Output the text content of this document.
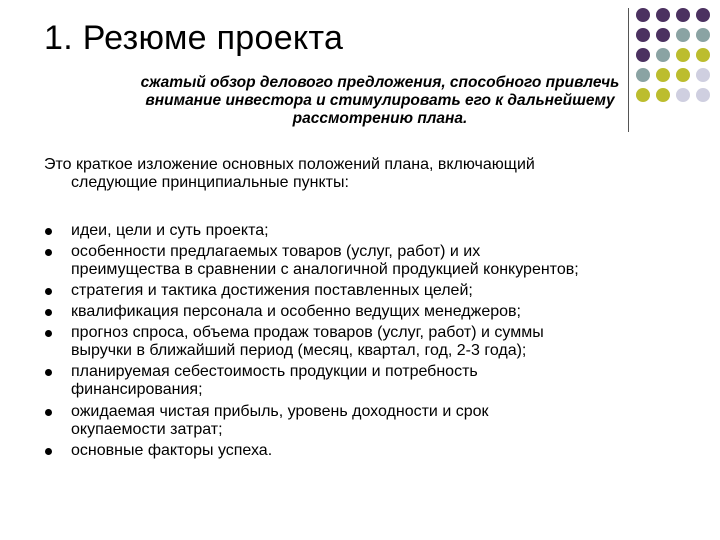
1. Резюме проекта

сжатый обзор делового предложения, способного привлечь
внимание инвестора и стимулировать его к дальнейшему
рассмотрению плана.

Это краткое изложение основных положений плана, включающий
следующие принципиальные пункты:

идеи, цели и суть проекта;
особенности предлагаемых товаров (услуг, работ) и их
преимущества в сравнении с аналогичной продукцией конкурентов;
стратегия и тактика достижения поставленных целей;
квалификация персонала и особенно ведущих менеджеров;
прогноз спроса, объема продаж товаров (услуг, работ) и суммы
выручки в ближайший период (месяц, квартал, год, 2-3 года);
планируемая себестоимость продукции и потребность
финансирования;
ожидаемая чистая прибыль, уровень доходности и срок
окупаемости затрат;
основные факторы успеха.
